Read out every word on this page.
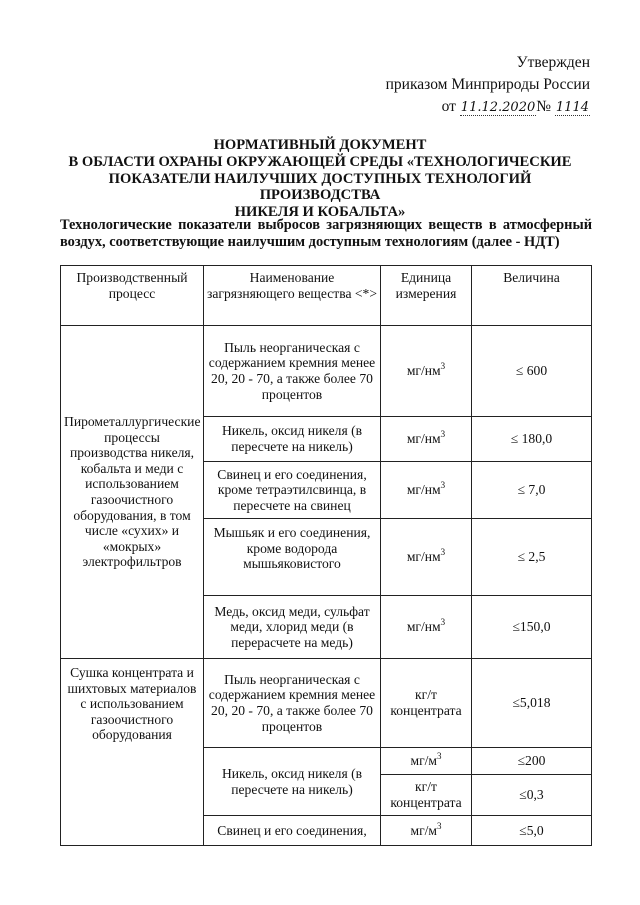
Утвержден
приказом Минприроды России
от 11.12.2020№ 1114
НОРМАТИВНЫЙ ДОКУМЕНТ
В ОБЛАСТИ ОХРАНЫ ОКРУЖАЮЩЕЙ СРЕДЫ «ТЕХНОЛОГИЧЕСКИЕ
ПОКАЗАТЕЛИ НАИЛУЧШИХ ДОСТУПНЫХ ТЕХНОЛОГИЙ ПРОИЗВОДСТВА
НИКЕЛЯ И КОБАЛЬТА»
Технологические показатели выбросов загрязняющих веществ в атмосферный воздух, соответствующие наилучшим доступным технологиям (далее - НДТ)
Производственный процесс	Наименование загрязняющего вещества <*>	Единица измерения	Величина
Пирометаллургические процессы производства никеля, кобальта и меди с использованием газоочистного оборудования, в том числе «сухих» и «мокрых» электрофильтров	Пыль неорганическая с содержанием кремния менее 20, 20 - 70, а также более 70 процентов	$мг/нм^3$	≤ 600
	Никель, оксид никеля (в пересчете на никель)	$мг/нм^3$	≤ 180,0
	Свинец и его соединения, кроме тетраэтилсвинца, в пересчете на свинец	$мг/нм^3$	≤ 7,0
	Мышьяк и его соединения, кроме водорода мышьяковистого	$мг/нм^3$	≤ 2,5
	Медь, оксид меди, сульфат меди, хлорид меди (в перерасчете на медь)	$мг/нм^3$	≤150,0
Сушка концентрата и шихтовых материалов с использованием газоочистного оборудования	Пыль неорганическая с содержанием кремния менее 20, 20 - 70, а также более 70 процентов	кг/т концентрата	≤5,018
	Никель, оксид никеля (в пересчете на никель)	$мг/м^3$	≤200
		кг/т концентрата	≤0,3
	Свинец и его соединения,	$мг/м^3$	≤5,0
